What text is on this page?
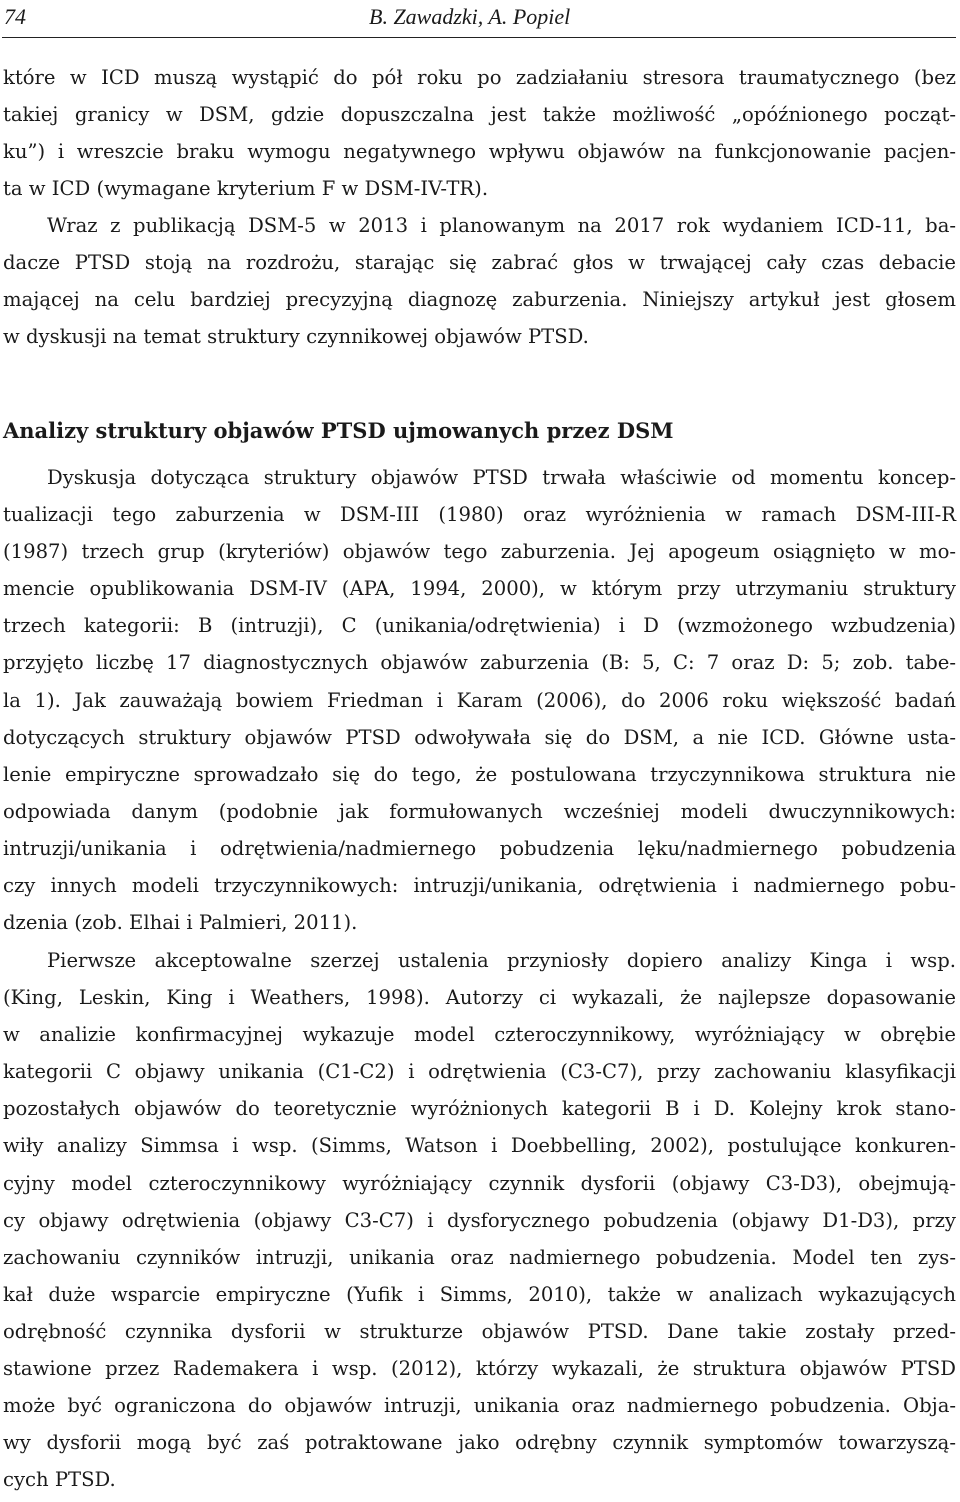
74	B. Zawadzki, A. Popiel
które w ICD muszą wystąpić do pół roku po zadziałaniu stresora traumatycznego (bez
takiej granicy w DSM, gdzie dopuszczalna jest także możliwość „opóźnionego począt-
ku”) i wreszcie braku wymogu negatywnego wpływu objawów na funkcjonowanie pacjen-
ta w ICD (wymagane kryterium F w DSM-IV-TR).
Wraz z publikacją DSM-5 w 2013 i planowanym na 2017 rok wydaniem ICD-11, ba-
dacze PTSD stoją na rozdrożu, starając się zabrać głos w trwającej cały czas debacie
mającej na celu bardziej precyzyjną diagnozę zaburzenia. Niniejszy artykuł jest głosem
w dyskusji na temat struktury czynnikowej objawów PTSD.
Analizy struktury objawów PTSD ujmowanych przez DSM
Dyskusja dotycząca struktury objawów PTSD trwała właściwie od momentu koncep-
tualizacji tego zaburzenia w DSM-III (1980) oraz wyróżnienia w ramach DSM-III-R
(1987) trzech grup (kryteriów) objawów tego zaburzenia. Jej apogeum osiągnięto w mo-
mencie opublikowania DSM-IV (APA, 1994, 2000), w którym przy utrzymaniu struktury
trzech kategorii: B (intruzji), C (unikania/odrętwienia) i D (wzmożonego wzbudzenia)
przyjęto liczbę 17 diagnostycznych objawów zaburzenia (B: 5, C: 7 oraz D: 5; zob. tabe-
la 1). Jak zauważają bowiem Friedman i Karam (2006), do 2006 roku większość badań
dotyczących struktury objawów PTSD odwoływała się do DSM, a nie ICD. Główne usta-
lenie empiryczne sprowadzało się do tego, że postulowana trzyczynnikowa struktura nie
odpowiada danym (podobnie jak formułowanych wcześniej modeli dwuczynnikowych:
intruzji/unikania i odrętwienia/nadmiernego pobudzenia lęku/nadmiernego pobudzenia
czy innych modeli trzyczynnikowych: intruzji/unikania, odrętwienia i nadmiernego pobu-
dzenia (zob. Elhai i Palmieri, 2011).
Pierwsze akceptowalne szerzej ustalenia przyniosły dopiero analizy Kinga i wsp.
(King, Leskin, King i Weathers, 1998). Autorzy ci wykazali, że najlepsze dopasowanie
w analizie konfirmacyjnej wykazuje model czteroczynnikowy, wyróżniający w obrębie
kategorii C objawy unikania (C1-C2) i odrętwienia (C3-C7), przy zachowaniu klasyfikacji
pozostałych objawów do teoretycznie wyróżnionych kategorii B i D. Kolejny krok stano-
wiły analizy Simmsa i wsp. (Simms, Watson i Doebbelling, 2002), postulujące konkuren-
cyjny model czteroczynnikowy wyróżniający czynnik dysforii (objawy C3-D3), obejmują-
cy objawy odrętwienia (objawy C3-C7) i dysforycznego pobudzenia (objawy D1-D3), przy
zachowaniu czynników intruzji, unikania oraz nadmiernego pobudzenia. Model ten zys-
kał duże wsparcie empiryczne (Yufik i Simms, 2010), także w analizach wykazujących
odrębność czynnika dysforii w strukturze objawów PTSD. Dane takie zostały przed-
stawione przez Rademakera i wsp. (2012), którzy wykazali, że struktura objawów PTSD
może być ograniczona do objawów intruzji, unikania oraz nadmiernego pobudzenia. Obja-
wy dysforii mogą być zaś potraktowane jako odrębny czynnik symptomów towarzyszą-
cych PTSD.
